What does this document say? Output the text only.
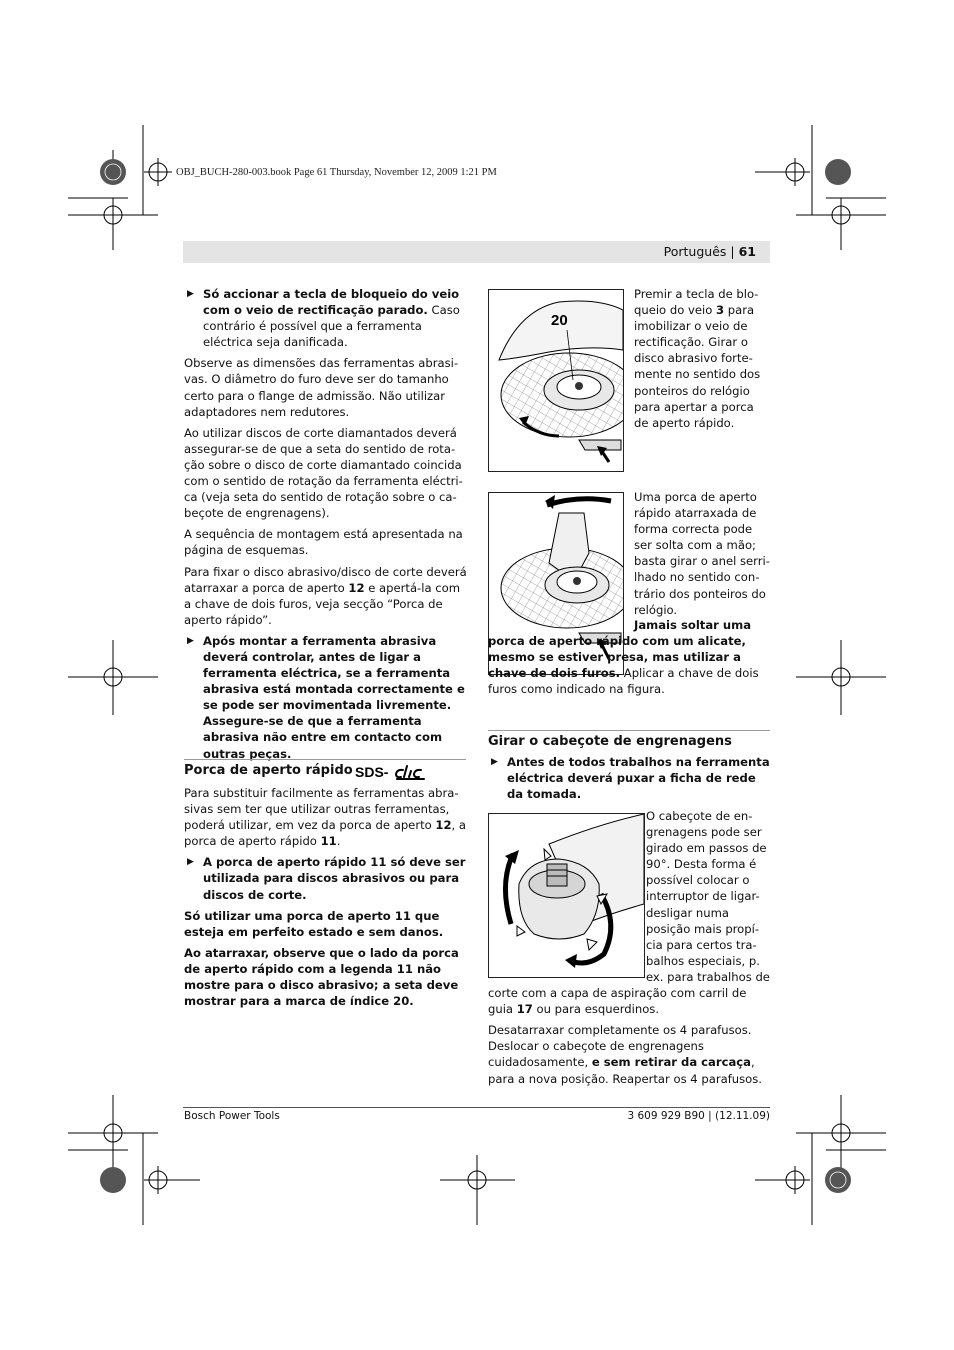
OBJ_BUCH-280-003.book Page 61 Thursday, November 12, 2009 1:21 PM
Português | 61
▶ Só accionar a tecla de bloqueio do veio com o veio de rectificação parado. Caso contrário é possível que a ferramenta eléctrica seja danificada.

Observe as dimensões das ferramentas abrasivas. O diâmetro do furo deve ser do tamanho certo para o flange de admissão. Não utilizar adaptadores nem redutores.

Ao utilizar discos de corte diamantados deverá assegurar-se de que a seta do sentido de rotação sobre o disco de corte diamantado coincida com o sentido de rotação da ferramenta eléctrica (veja seta do sentido de rotação sobre o cabeçote de engrenagens).

A sequência de montagem está apresentada na página de esquemas.

Para fixar o disco abrasivo/disco de corte deverá atarraxar a porca de aperto 12 e apertá-la com a chave de dois furos, veja secção “Porca de aperto rápido”.

▶ Após montar a ferramenta abrasiva deverá controlar, antes de ligar a ferramenta eléctrica, se a ferramenta abrasiva está montada correctamente e se pode ser movimentada livremente. Assegure-se de que a ferramenta abrasiva não entre em contacto com outras peças.
Porca de aperto rápido SDS-

Para substituir facilmente as ferramentas abrasivas sem ter que utilizar outras ferramentas, poderá utilizar, em vez da porca de aperto 12, a porca de aperto rápido 11.

▶ A porca de aperto rápido 11 só deve ser utilizada para discos abrasivos ou para discos de corte.

Só utilizar uma porca de aperto 11 que esteja em perfeito estado e sem danos.

Ao atarraxar, observe que o lado da porca de aperto rápido com a legenda 11 não mostre para o disco abrasivo; a seta deve mostrar para a marca de índice 20.

20

Premir a tecla de bloqueio do veio 3 para imobilizar o veio de rectificação. Girar o disco abrasivo fortemente no sentido dos ponteiros do relógio para apertar a porca de aperto rápido.

Uma porca de aperto rápido atarraxada de forma correcta pode ser solta com a mão; basta girar o anel serrilhado no sentido contrário dos ponteiros do relógio.

Jamais soltar uma porca de aperto rápido com um alicate, mesmo se estiver presa, mas utilizar a chave de dois furos. Aplicar a chave de dois furos como indicado na figura.
Girar o cabeçote de engrenagens
▶ Antes de todos trabalhos na ferramenta eléctrica deverá puxar a ficha de rede da tomada.

O cabeçote de engrenagens pode ser girado em passos de 90°. Desta forma é possível colocar o interruptor de ligar-desligar numa posição mais propícia para certos trabalhos especiais, p. ex. para trabalhos de corte com a capa de aspiração com carril de guia 17 ou para esquerdinos.

Desatarraxar completamente os 4 parafusos. Deslocar o cabeçote de engrenagens cuidadosamente, e sem retirar da carcaça, para a nova posição. Reapertar os 4 parafusos.

Bosch Power Tools	3 609 929 B90 | (12.11.09)
